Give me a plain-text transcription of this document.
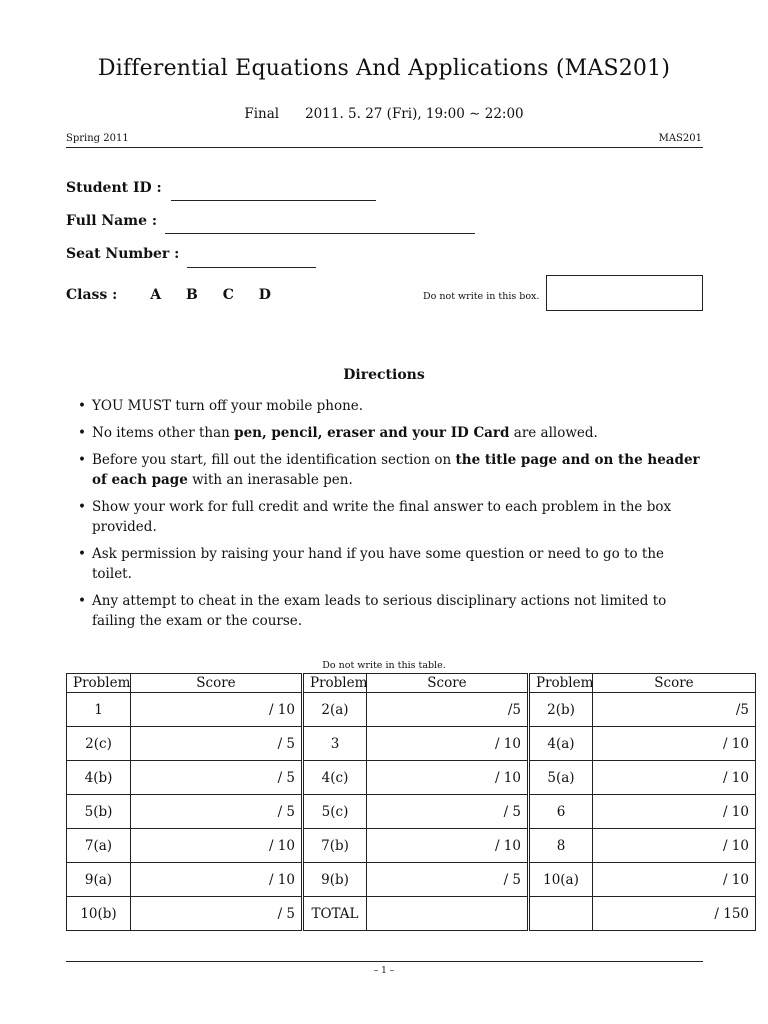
Differential Equations And Applications (MAS201)
Final 2011. 5. 27 (Fri), 19:00 ∼ 22:00
Spring 2011	MAS201
Student ID :
Full Name :
Seat Number :
Class : A B C D	Do not write in this box.
Directions
• YOU MUST turn off your mobile phone.
• No items other than pen, pencil, eraser and your ID Card are allowed.
• Before you start, fill out the identification section on the title page and on the header of each page with an inerasable pen.
• Show your work for full credit and write the final answer to each problem in the box provided.
• Ask permission by raising your hand if you have some question or need to go to the toilet.
• Any attempt to cheat in the exam leads to serious disciplinary actions not limited to failing the exam or the course.
Do not write in this table.
Problem	Score	Problem	Score	Problem	Score
1	/ 10	2(a)	/5	2(b)	/5
2(c)	/ 5	3	/ 10	4(a)	/ 10
4(b)	/ 5	4(c)	/ 10	5(a)	/ 10
5(b)	/ 5	5(c)	/ 5	6	/ 10
7(a)	/ 10	7(b)	/ 10	8	/ 10
9(a)	/ 10	9(b)	/ 5	10(a)	/ 10
10(b)	/ 5	TOTAL			/ 150
– 1 –
